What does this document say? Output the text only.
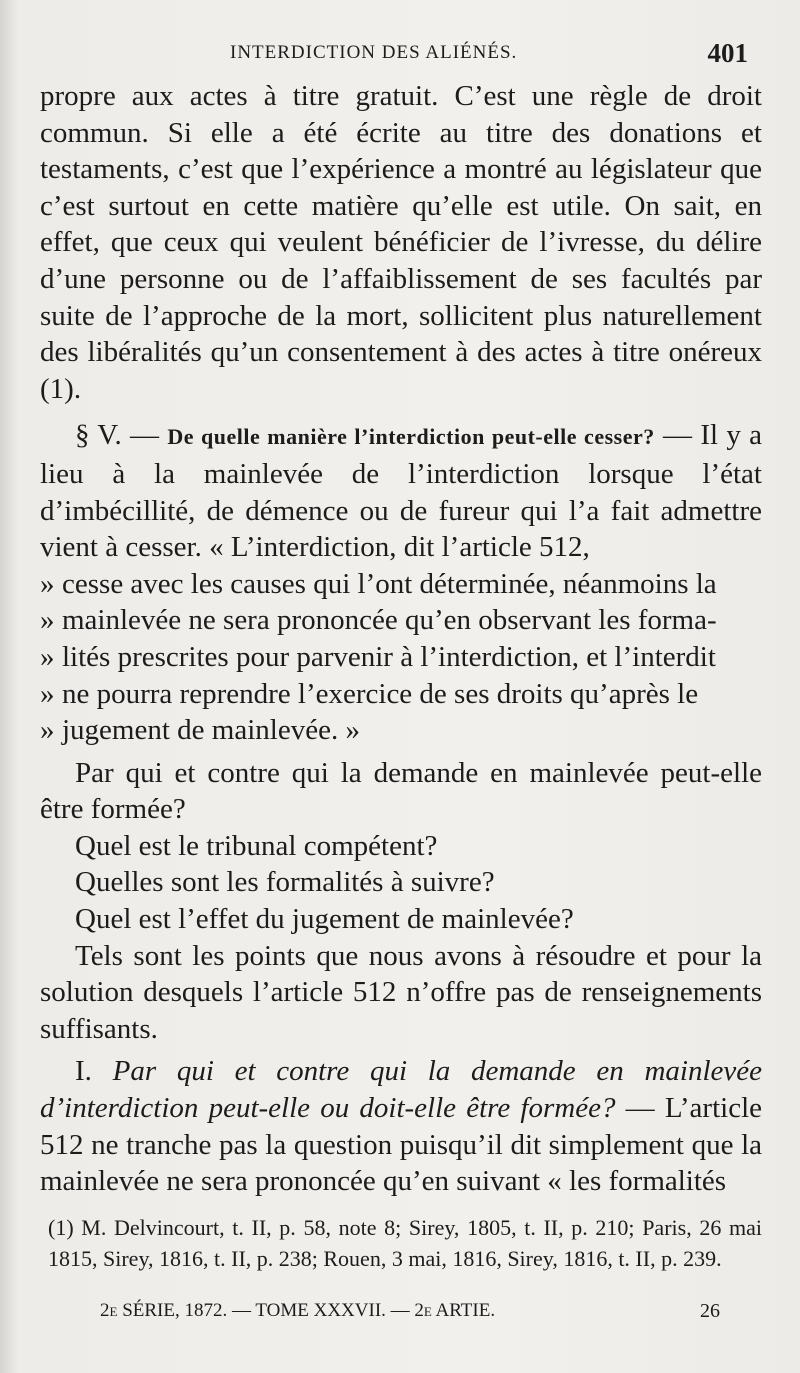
INTERDICTION DES ALIÉNÉS.	401

propre aux actes à titre gratuit. C’est une règle de droit commun. Si elle a été écrite au titre des donations et testaments, c’est que l’expérience a montré au législateur que c’est surtout en cette matière qu’elle est utile. On sait, en effet, que ceux qui veulent bénéficier de l’ivresse, du délire d’une personne ou de l’affaiblissement de ses facultés par suite de l’approche de la mort, sollicitent plus naturellement des libéralités qu’un consentement à des actes à titre onéreux (1).

§ V. — De quelle manière l’interdiction peut-elle cesser? — Il y a lieu à la mainlevée de l’interdiction lorsque l’état d’imbécillité, de démence ou de fureur qui l’a fait admettre vient à cesser. « L’interdiction, dit l’article 512,

» cesse avec les causes qui l’ont déterminée, néanmoins la
» mainlevée ne sera prononcée qu’en observant les forma-
» lités prescrites pour parvenir à l’interdiction, et l’interdit
» ne pourra reprendre l’exercice de ses droits qu’après le
» jugement de mainlevée. »

Par qui et contre qui la demande en mainlevée peut-elle être formée?

Quel est le tribunal compétent?

Quelles sont les formalités à suivre?

Quel est l’effet du jugement de mainlevée?

Tels sont les points que nous avons à résoudre et pour la solution desquels l’article 512 n’offre pas de renseignements suffisants.

I. Par qui et contre qui la demande en mainlevée d’interdiction peut-elle ou doit-elle être formée? — L’article 512 ne tranche pas la question puisqu’il dit simplement que la mainlevée ne sera prononcée qu’en suivant « les formalités

(1) M. Delvincourt, t. II, p. 58, note 8; Sirey, 1805, t. II, p. 210; Paris, 26 mai 1815, Sirey, 1816, t. II, p. 238; Rouen, 3 mai, 1816, Sirey, 1816, t. II, p. 239.

2e SÉRIE, 1872. — TOME XXXVII. — 2e ARTIE.	26
